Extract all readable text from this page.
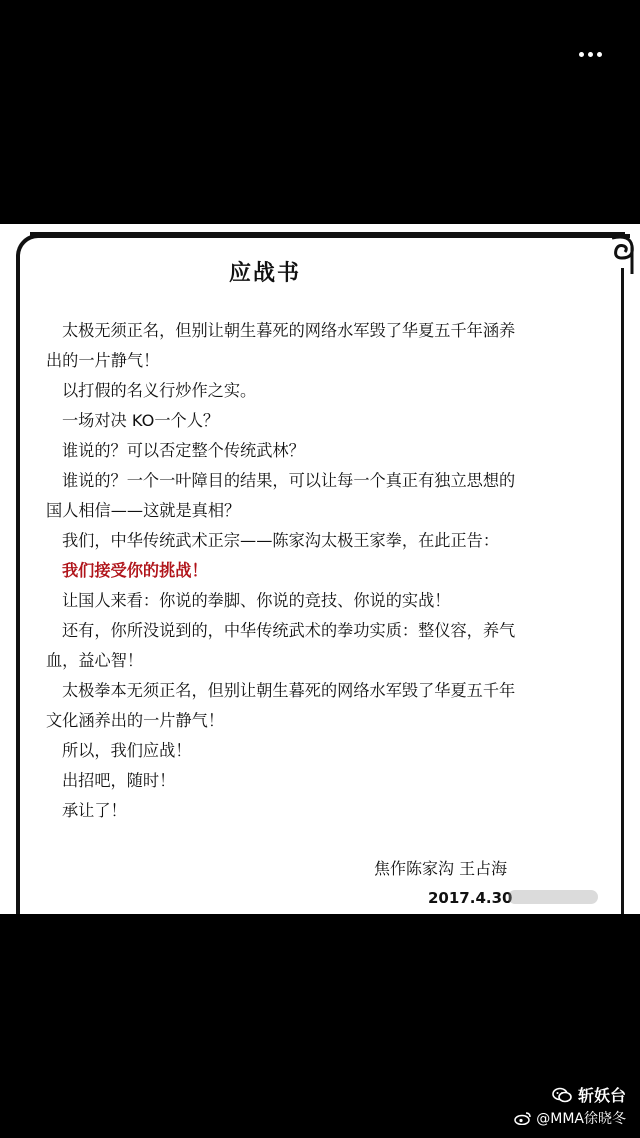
应战书
太极无须正名，但别让朝生暮死的网络水军毁了华夏五千年涵养
出的一片静气！
以打假的名义行炒作之实。
一场对决 KO一个人？
谁说的？可以否定整个传统武林？
谁说的？一个一叶障目的结果，可以让每一个真正有独立思想的
国人相信——这就是真相？
我们，中华传统武术正宗——陈家沟太极王家拳，在此正告：
我们接受你的挑战！
让国人来看：你说的拳脚、你说的竞技、你说的实战！
还有，你所没说到的，中华传统武术的拳功实质：整仪容，养气
血，益心智！
太极拳本无须正名，但别让朝生暮死的网络水军毁了华夏五千年
文化涵养出的一片静气！
所以，我们应战！
出招吧，随时！
承让了！
焦作陈家沟 王占海
2017.4.30
斩妖台
@MMA徐晓冬
